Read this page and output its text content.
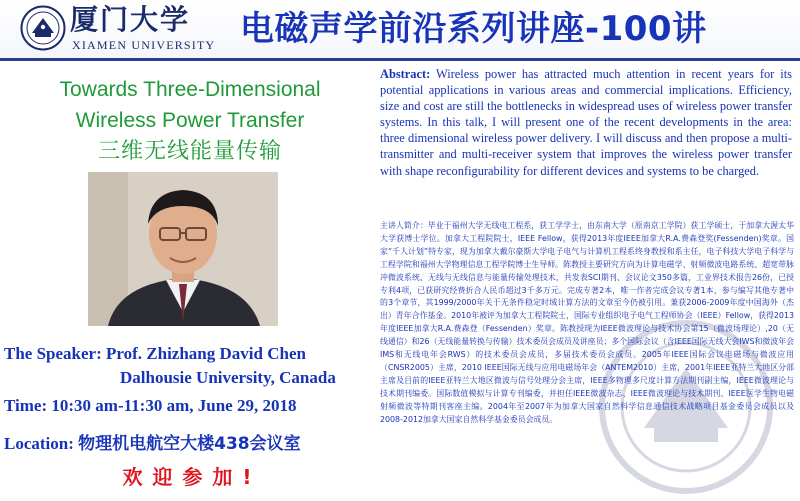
厦门大学
XIAMEN UNIVERSITY 电磁声学前沿系列讲座-100讲
Towards Three-Dimensional
Wireless Power Transfer
三维无线能量传输
The Speaker: Prof. Zhizhang David Chen
Dalhousie University, Canada
Time: 10:30 am-11:30 am, June 29, 2018
Location: 物理机电航空大楼438会议室
欢迎参加!
Abstract: Wireless power has attracted much attention in recent years for its potential applications in various areas and commercial implications. Efficiency, size and cost are still the bottlenecks in widespread uses of wireless power transfer systems. In this talk, I will present one of the recent developments in the area: three dimensional wireless power delivery. I will discuss and then propose a multi-transmitter and multi-receiver system that improves the wireless power transfer with shape reconfigurability for different devices and systems to be charged.
主讲人简介：毕业于福州大学无线电工程系，获工学学士，由东南大学（原南京工学院）获工学硕士，于加拿大渥太华大学获博士学位。加拿大工程院院士，IEEE Fellow，获得2013年度IEEE加拿大R.A.费森登奖(Fessenden)奖章。国家“千人计划”特专家，现为加拿大戴尔豪斯大学电子电气与计算机工程系终身教授和系主任，电子科技大学电子科学与工程学院和福州大学物理信息工程学院博士生导师。陈教授主要研究方向为计算电磁学、射频微波电路系统、超宽带脉冲微波系统、无线与无线信息与能量传输处理技术，共发表SCI期刊、会议论文350多篇，工业界技术报告26份，已授专利4项，已获研究经费折合人民币超过3千多万元。完成专著2本，唯一作者完成会议专著1本，参与编写其他专著中的3个章节，其1999/2000年关于无条件稳定时域计算方法的文章至今仍被引用。兼获2006-2009年度中国海外（杰出）青年合作基金。2010年被评为加拿大工程院院士，国际专业组织电子电气工程师协会（IEEE）Fellow，获得2013年度IEEE加拿大R.A.费森登（Fessenden）奖章。陈教授现为IEEE微波理论与技术协会第15（微波场理论）,20（无线通信）和26（无线能量转换与传输）技术委员会成员及讲座员；多个国际会议（含IEEE国际无线大会IWS和微波年会IMS和无线电年会RWS）的技术委员会成员，多届技术委员会成员。2005年IEEE国际会议电磁场与微波应用（CNSR2005）主席，2010 IEEE国际无线与应用电磁场年会（ANTEM2010）主席，2001年IEEE亚特兰大地区分部主席及目前的IEEE亚特兰大地区微波与信号处理分会主席，IEEE多物理多尺度计算方法期刊副主编，IEEE微波理论与技术期刊编委。国际数值模拟与计算专刊编委，并担任IEEE微波杂志、IEEE微波理论与技术期刊、IEEE医学生物电磁射频微波等特期刊客座主编。2004年至2007年为加拿大国家自然科学信息通信技术战略项目基金委员会成员以及2008-2012加拿大国家自然科学基金委员会成员。
